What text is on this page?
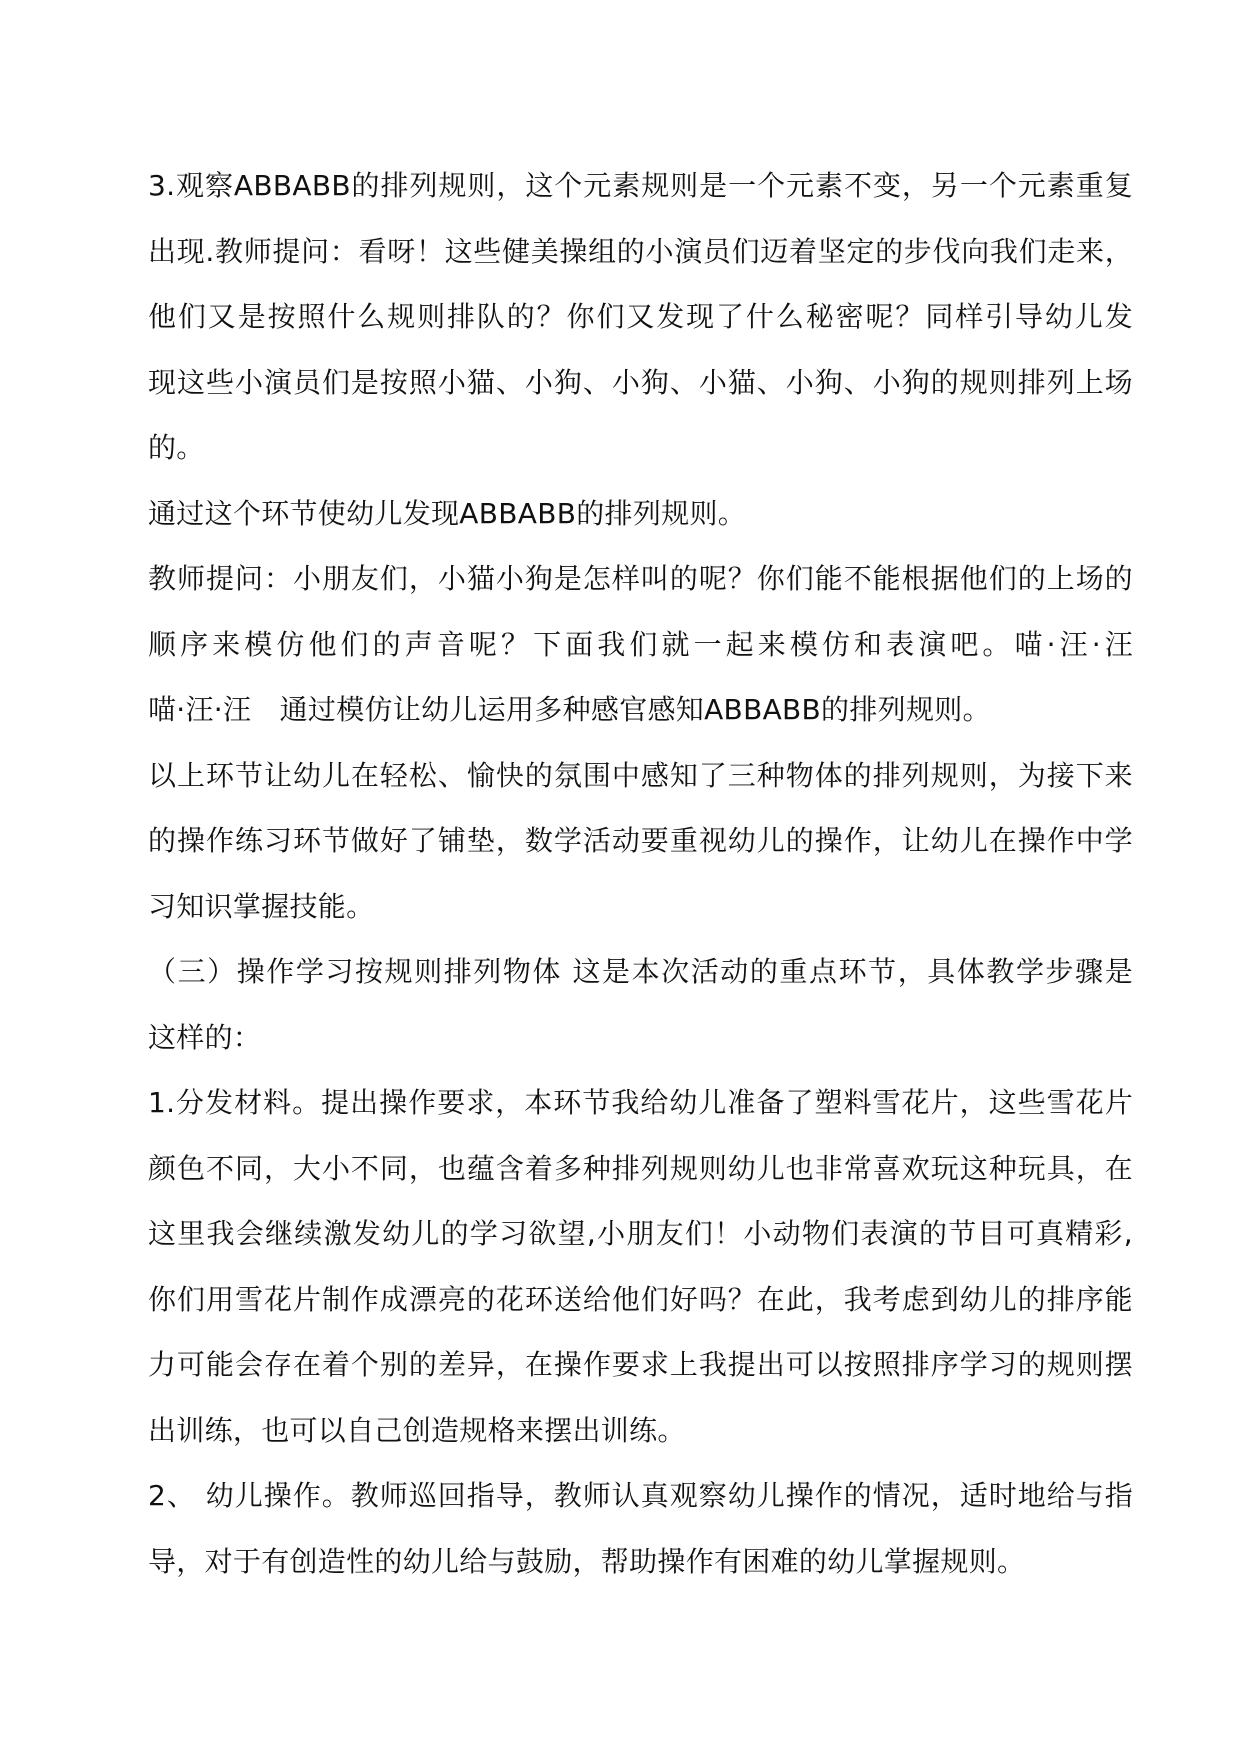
3.观察ABBABB的排列规则，这个元素规则是一个元素不变，另一个元素重复
出现.教师提问：看呀！这些健美操组的小演员们迈着坚定的步伐向我们走来，
他们又是按照什么规则排队的？你们又发现了什么秘密呢？同样引导幼儿发
现这些小演员们是按照小猫、小狗、小狗、小猫、小狗、小狗的规则排列上场
的。

通过这个环节使幼儿发现ABBABB的排列规则。

教师提问：小朋友们，小猫小狗是怎样叫的呢？你们能不能根据他们的上场的
顺序来模仿他们的声音呢？下面我们就一起来模仿和表演吧。喵·汪·汪
喵·汪·汪　通过模仿让幼儿运用多种感官感知ABBABB的排列规则。

以上环节让幼儿在轻松、愉快的氛围中感知了三种物体的排列规则，为接下来
的操作练习环节做好了铺垫，数学活动要重视幼儿的操作，让幼儿在操作中学
习知识掌握技能。

（三）操作学习按规则排列物体 这是本次活动的重点环节，具体教学步骤是
这样的：

1.分发材料。提出操作要求，本环节我给幼儿准备了塑料雪花片，这些雪花片
颜色不同，大小不同，也蕴含着多种排列规则幼儿也非常喜欢玩这种玩具，在
这里我会继续激发幼儿的学习欲望,小朋友们！小动物们表演的节目可真精彩,
你们用雪花片制作成漂亮的花环送给他们好吗？在此，我考虑到幼儿的排序能
力可能会存在着个别的差异，在操作要求上我提出可以按照排序学习的规则摆
出训练，也可以自己创造规格来摆出训练。

2、 幼儿操作。教师巡回指导，教师认真观察幼儿操作的情况，适时地给与指
导，对于有创造性的幼儿给与鼓励，帮助操作有困难的幼儿掌握规则。
